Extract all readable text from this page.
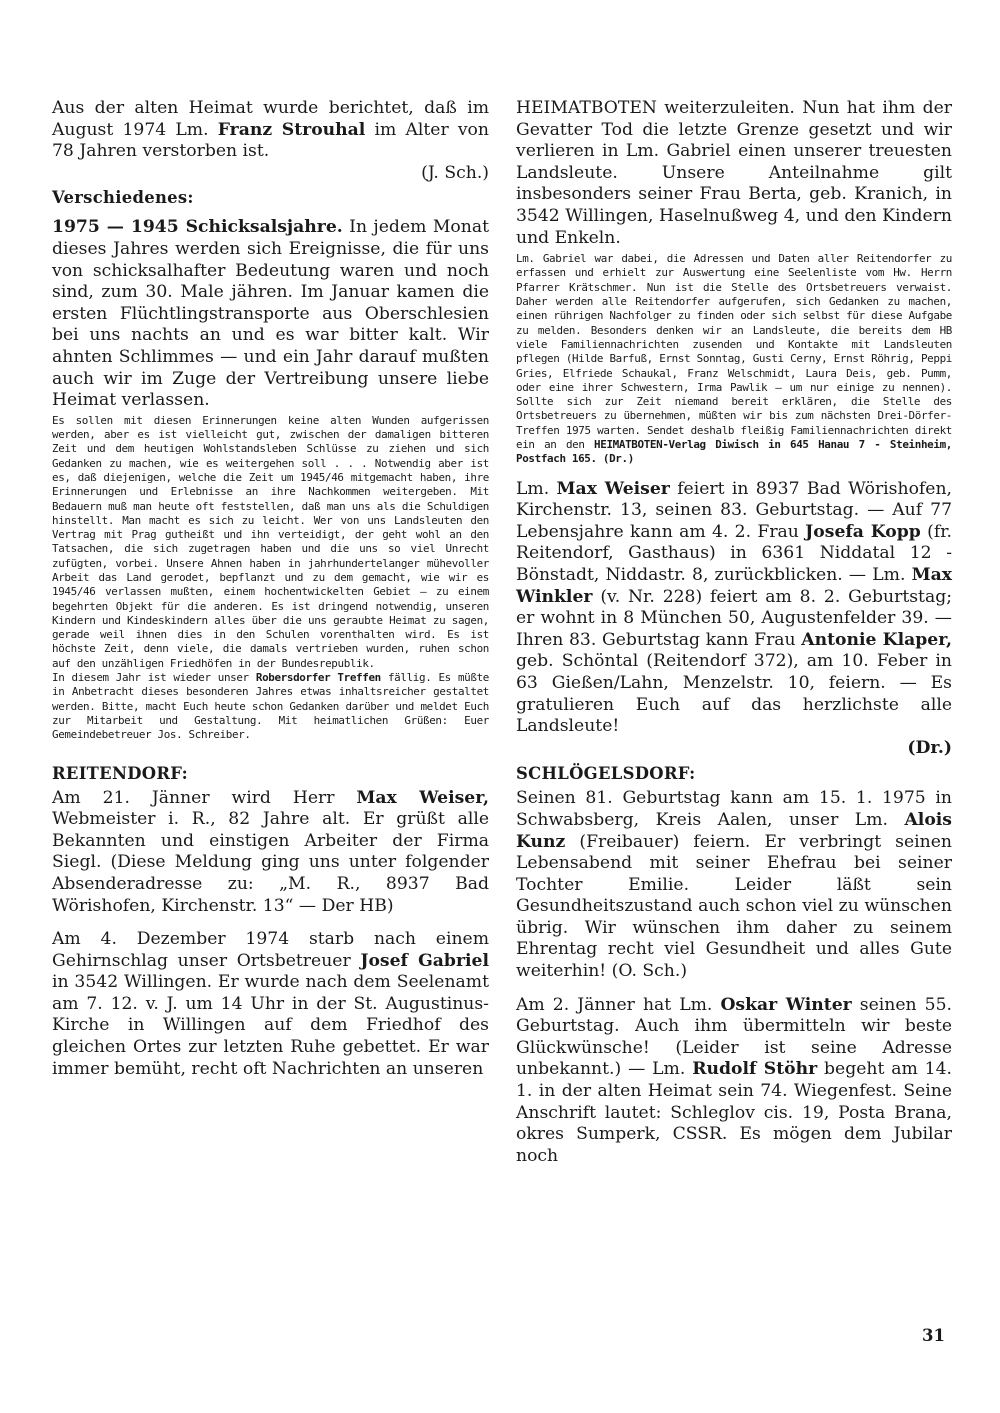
Aus der alten Heimat wurde berichtet, daß im August 1974 Lm. Franz Strouhal im Alter von 78 Jahren verstorben ist.

(J. Sch.)

Verschiedenes:

1975 — 1945 Schicksalsjahre. In jedem Monat dieses Jahres werden sich Ereignisse, die für uns von schicksalhafter Bedeutung waren und noch sind, zum 30. Male jähren. Im Januar kamen die ersten Flüchtlingstransporte aus Oberschlesien bei uns nachts an und es war bitter kalt. Wir ahnten Schlimmes — und ein Jahr darauf mußten auch wir im Zuge der Vertreibung unsere liebe Heimat verlassen.

Es sollen mit diesen Erinnerungen keine alten Wunden aufgerissen werden, aber es ist vielleicht gut, zwischen der damaligen bitteren Zeit und dem heutigen Wohlstandsleben Schlüsse zu ziehen und sich Gedanken zu machen, wie es weitergehen soll . . . Notwendig aber ist es, daß diejenigen, welche die Zeit um 1945/46 mitgemacht haben, ihre Erinnerungen und Erlebnisse an ihre Nachkommen weitergeben. Mit Bedauern muß man heute oft feststellen, daß man uns als die Schuldigen hinstellt. Man macht es sich zu leicht. Wer von uns Landsleuten den Vertrag mit Prag gutheißt und ihn verteidigt, der geht wohl an den Tatsachen, die sich zugetragen haben und die uns so viel Unrecht zufügten, vorbei. Unsere Ahnen haben in jahrhundertelanger mühevoller Arbeit das Land gerodet, bepflanzt und zu dem gemacht, wie wir es 1945/46 verlassen mußten, einem hochentwickelten Gebiet — zu einem begehrten Objekt für die anderen. Es ist dringend notwendig, unseren Kindern und Kindeskindern alles über die uns geraubte Heimat zu sagen, gerade weil ihnen dies in den Schulen vorenthalten wird. Es ist höchste Zeit, denn viele, die damals vertrieben wurden, ruhen schon auf den unzähligen Friedhöfen in der Bundesrepublik.

In diesem Jahr ist wieder unser Robersdorfer Treffen fällig. Es müßte in Anbetracht dieses besonderen Jahres etwas inhaltsreicher gestaltet werden. Bitte, macht Euch heute schon Gedanken darüber und meldet Euch zur Mitarbeit und Gestaltung. Mit heimatlichen Grüßen: Euer Gemeindebetreuer Jos. Schreiber.

REITENDORF:

Am 21. Jänner wird Herr Max Weiser, Webmeister i. R., 82 Jahre alt. Er grüßt alle Bekannten und einstigen Arbeiter der Firma Siegl. (Diese Meldung ging uns unter folgender Absenderadresse zu: „M. R., 8937 Bad Wörishofen, Kirchenstr. 13“ — Der HB)

Am 4. Dezember 1974 starb nach einem Gehirnschlag unser Ortsbetreuer Josef Gabriel in 3542 Willingen. Er wurde nach dem Seelenamt am 7. 12. v. J. um 14 Uhr in der St. Augustinus-Kirche in Willingen auf dem Friedhof des gleichen Ortes zur letzten Ruhe gebettet. Er war immer bemüht, recht oft Nachrichten an unseren

HEIMATBOTEN weiterzuleiten. Nun hat ihm der Gevatter Tod die letzte Grenze gesetzt und wir verlieren in Lm. Gabriel einen unserer treuesten Landsleute. Unsere Anteilnahme gilt insbesonders seiner Frau Berta, geb. Kranich, in 3542 Willingen, Haselnußweg 4, und den Kindern und Enkeln.

Lm. Gabriel war dabei, die Adressen und Daten aller Reitendorfer zu erfassen und erhielt zur Auswertung eine Seelenliste vom Hw. Herrn Pfarrer Krätschmer. Nun ist die Stelle des Ortsbetreuers verwaist. Daher werden alle Reitendorfer aufgerufen, sich Gedanken zu machen, einen rührigen Nachfolger zu finden oder sich selbst für diese Aufgabe zu melden. Besonders denken wir an Landsleute, die bereits dem HB viele Familiennachrichten zusenden und Kontakte mit Landsleuten pflegen (Hilde Barfuß, Ernst Sonntag, Gusti Cerny, Ernst Röhrig, Peppi Gries, Elfriede Schaukal, Franz Welschmidt, Laura Deis, geb. Pumm, oder eine ihrer Schwestern, Irma Pawlik — um nur einige zu nennen). Sollte sich zur Zeit niemand bereit erklären, die Stelle des Ortsbetreuers zu übernehmen, müßten wir bis zum nächsten Drei-Dörfer-Treffen 1975 warten. Sendet deshalb fleißig Familiennachrichten direkt ein an den HEIMATBOTEN-Verlag Diwisch in 645 Hanau 7 - Steinheim, Postfach 165. (Dr.)

Lm. Max Weiser feiert in 8937 Bad Wörishofen, Kirchenstr. 13, seinen 83. Geburtstag. — Auf 77 Lebensjahre kann am 4. 2. Frau Josefa Kopp (fr. Reitendorf, Gasthaus) in 6361 Niddatal 12 - Bönstadt, Niddastr. 8, zurückblicken. — Lm. Max Winkler (v. Nr. 228) feiert am 8. 2. Geburtstag; er wohnt in 8 München 50, Augustenfelder 39. — Ihren 83. Geburtstag kann Frau Antonie Klaper, geb. Schöntal (Reitendorf 372), am 10. Feber in 63 Gießen/Lahn, Menzelstr. 10, feiern. — Es gratulieren Euch auf das herzlichste alle Landsleute!

(Dr.)

SCHLÖGELSDORF:

Seinen 81. Geburtstag kann am 15. 1. 1975 in Schwabsberg, Kreis Aalen, unser Lm. Alois Kunz (Freibauer) feiern. Er verbringt seinen Lebensabend mit seiner Ehefrau bei seiner Tochter Emilie. Leider läßt sein Gesundheitszustand auch schon viel zu wünschen übrig. Wir wünschen ihm daher zu seinem Ehrentag recht viel Gesundheit und alles Gute weiterhin! (O. Sch.)

Am 2. Jänner hat Lm. Oskar Winter seinen 55. Geburtstag. Auch ihm übermitteln wir beste Glückwünsche! (Leider ist seine Adresse unbekannt.) — Lm. Rudolf Stöhr begeht am 14. 1. in der alten Heimat sein 74. Wiegenfest. Seine Anschrift lautet: Schleglov cis. 19, Posta Brana, okres Sumperk, CSSR. Es mögen dem Jubilar noch

31
